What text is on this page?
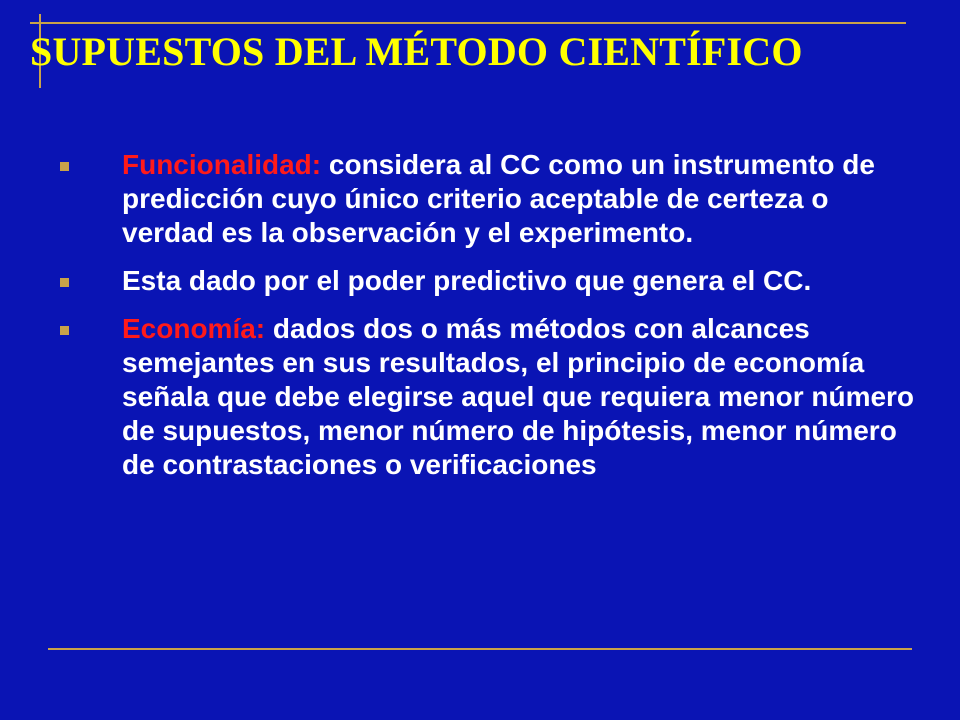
SUPUESTOS DEL MÉTODO CIENTÍFICO
Funcionalidad: considera al CC como un instrumento de predicción cuyo único criterio aceptable de certeza o verdad es la observación y el experimento.
Esta dado por el poder predictivo que genera el CC.
Economía: dados dos o más métodos con alcances semejantes en sus resultados, el principio de economía señala que debe elegirse aquel que requiera menor número de supuestos, menor número de hipótesis, menor número de contrastaciones o verificaciones
